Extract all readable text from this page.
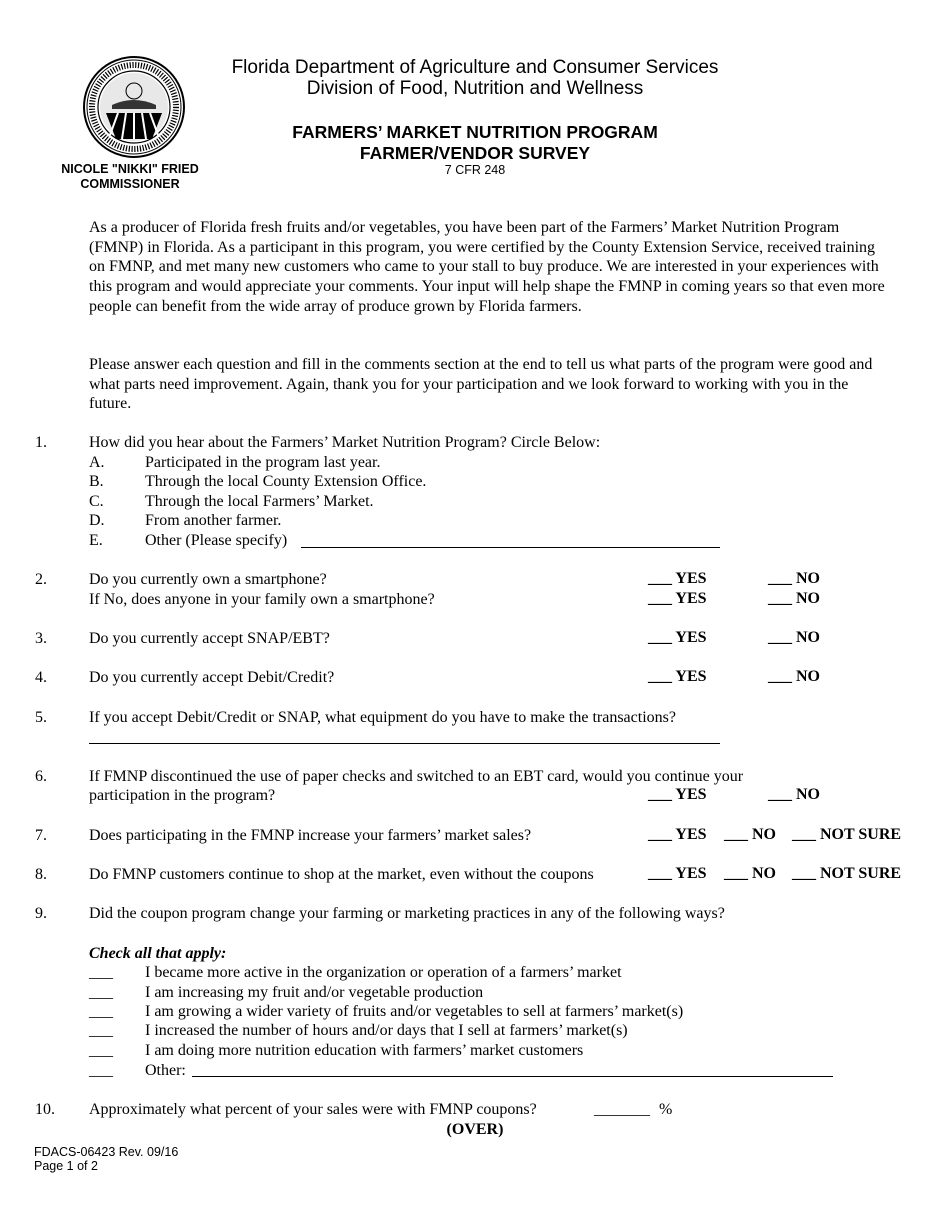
Florida Department of Agriculture and Consumer Services
Division of Food, Nutrition and Wellness
FARMERS’ MARKET NUTRITION PROGRAM
FARMER/VENDOR SURVEY
7 CFR 248
NICOLE "NIKKI" FRIED
COMMISSIONER
As a producer of Florida fresh fruits and/or vegetables, you have been part of the Farmers’ Market Nutrition Program (FMNP) in Florida. As a participant in this program, you were certified by the County Extension Service, received training on FMNP, and met many new customers who came to your stall to buy produce. We are interested in your experiences with this program and would appreciate your comments. Your input will help shape the FMNP in coming years so that even more people can benefit from the wide array of produce grown by Florida farmers.
Please answer each question and fill in the comments section at the end to tell us what parts of the program were good and what parts need improvement. Again, thank you for your participation and we look forward to working with you in the future.
1.	How did you hear about the Farmers’ Market Nutrition Program? Circle Below:
A.	Participated in the program last year.
B.	Through the local County Extension Office.
C.	Through the local Farmers’ Market.
D.	From another farmer.
E.	Other (Please specify)
2.	Do you currently own a smartphone?	___ YES	___ NO
If No, does anyone in your family own a smartphone?	___ YES	___ NO
3.	Do you currently accept SNAP/EBT?	___ YES	___ NO
4.	Do you currently accept Debit/Credit?	___ YES	___ NO
5.	If you accept Debit/Credit or SNAP, what equipment do you have to make the transactions?
6.	If FMNP discontinued the use of paper checks and switched to an EBT card, would you continue your
participation in the program?	___ YES	___ NO
7.	Does participating in the FMNP increase your farmers’ market sales?	___ YES ___ NO ___ NOT SURE
8.	Do FMNP customers continue to shop at the market, even without the coupons	___ YES ___ NO ___ NOT SURE
9.	Did the coupon program change your farming or marketing practices in any of the following ways?
Check all that apply:
___ I became more active in the organization or operation of a farmers’ market
___ I am increasing my fruit and/or vegetable production
___ I am growing a wider variety of fruits and/or vegetables to sell at farmers’ market(s)
___ I increased the number of hours and/or days that I sell at farmers’ market(s)
___ I am doing more nutrition education with farmers’ market customers
___ Other:
10. Approximately what percent of your sales were with FMNP coupons?	_______ %
(OVER)
FDACS-06423 Rev. 09/16
Page 1 of 2
